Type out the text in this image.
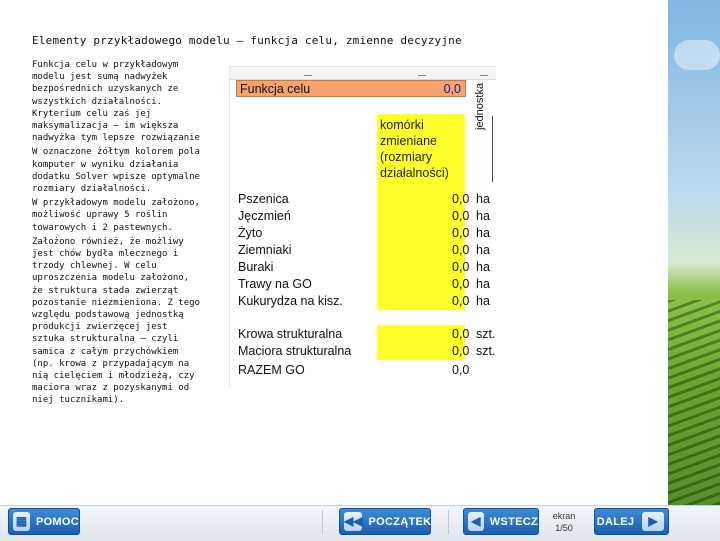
Elementy przykładowego modelu – funkcja celu, zmienne decyzyjne

Funkcja celu w przykładowym modelu jest sumą nadwyżek bezpośrednich uzyskanych ze wszystkich działalności. Kryterium celu zaś jej maksymalizacja – im większa nadwyżka tym lepsze rozwiązanie

W oznaczone żółtym kolorem pola komputer w wyniku działania dodatku Solver wpisze optymalne rozmiary działalności.

W przykładowym modelu założono, możliwość uprawy 5 roślin towarowych i 2 pastewnych.

Założono również, że możliwy jest chów bydła mlecznego i trzody chlewnej. W celu uproszczenia modelu założono, że struktura stada zwierząt pozostanie niezmieniona. Z tego względu podstawową jednostką produkcji zwierzęcej jest sztuka strukturalna – czyli samica z całym przychówkiem (np. krowa z przypadającym na nią cielęciem i młodzieżą, czy maciora wraz z pozyskanymi od niej tucznikami).

Funkcja celu	0,0
komórki
zmieniane
(rozmiary
działalności)
Pszenica	0,0 ha
Jęczmień	0,0 ha
Żyto	0,0 ha
Ziemniaki	0,0 ha
Buraki	0,0 ha
Trawy na GO	0,0 ha
Kukurydza na kisz.	0,0 ha
Krowa strukturalna	0,0 szt.
Maciora strukturalna	0,0 szt.
RAZEM GO	0,0
jednostka
▦ POMOC	◀◀ POCZĄTEK	◀ WSTECZ	ekran
1/50
DALEJ	▶
